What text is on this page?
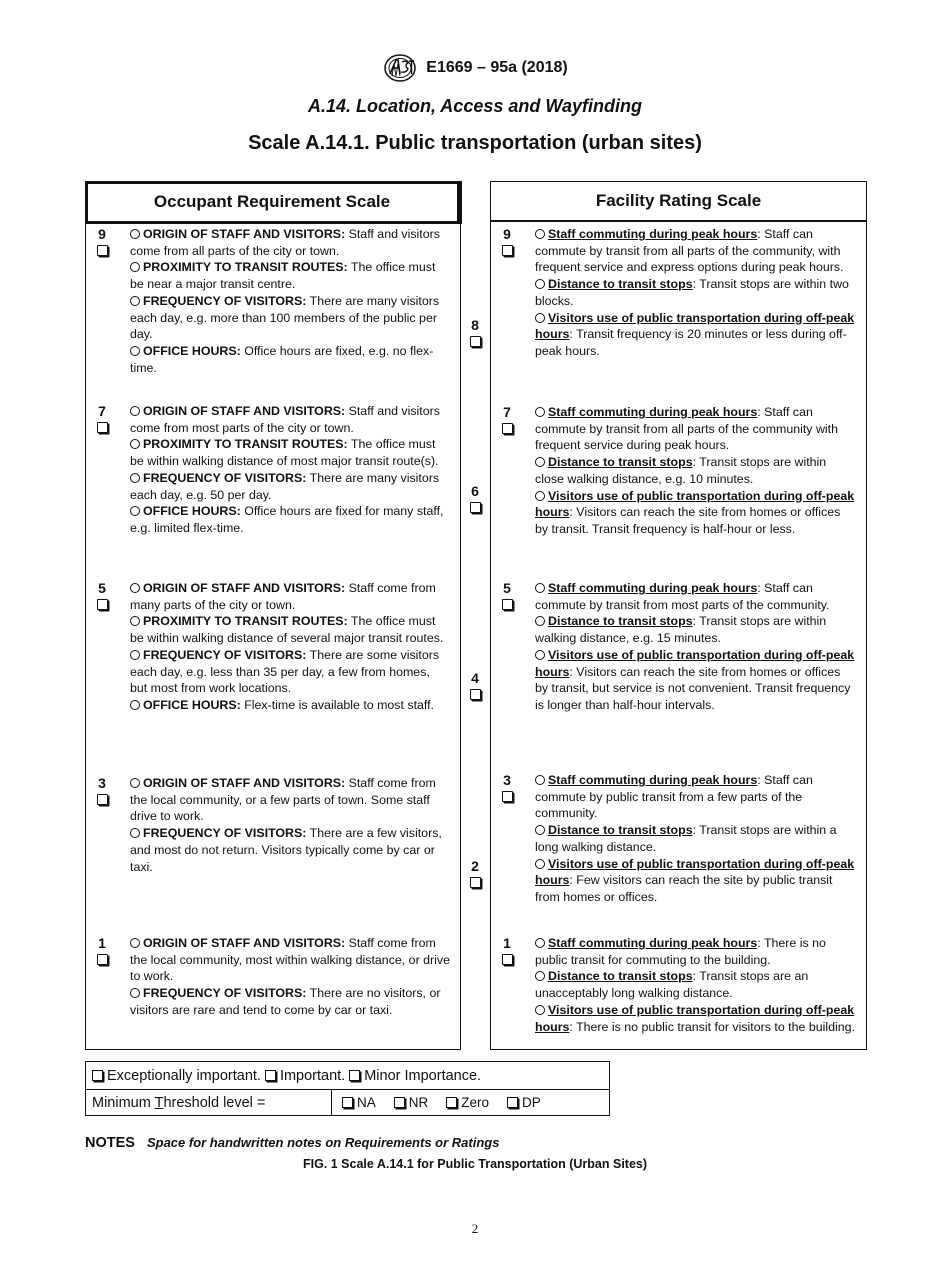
E1669 – 95a (2018)
A.14. Location, Access and Wayfinding
Scale A.14.1. Public transportation (urban sites)
Occupant Requirement Scale
9	ORIGIN OF STAFF AND VISITORS: Staff and visitors come from all parts of the city or town.
PROXIMITY TO TRANSIT ROUTES: The office must be near a major transit centre.
FREQUENCY OF VISITORS: There are many visitors each day, e.g. more than 100 members of the public per day.
OFFICE HOURS: Office hours are fixed, e.g. no flex-time.
7	ORIGIN OF STAFF AND VISITORS: Staff and visitors come from most parts of the city or town.
PROXIMITY TO TRANSIT ROUTES: The office must be within walking distance of most major transit route(s).
FREQUENCY OF VISITORS: There are many visitors each day, e.g. 50 per day.
OFFICE HOURS: Office hours are fixed for many staff, e.g. limited flex-time.
5	ORIGIN OF STAFF AND VISITORS: Staff come from many parts of the city or town.
PROXIMITY TO TRANSIT ROUTES: The office must be within walking distance of several major transit routes.
FREQUENCY OF VISITORS: There are some visitors each day, e.g. less than 35 per day, a few from homes, but most from work locations.
OFFICE HOURS: Flex-time is available to most staff.
3	ORIGIN OF STAFF AND VISITORS: Staff come from the local community, or a few parts of town. Some staff drive to work.
FREQUENCY OF VISITORS: There are a few visitors, and most do not return. Visitors typically come by car or taxi.
1	ORIGIN OF STAFF AND VISITORS: Staff come from the local community, most within walking distance, or drive to work.
FREQUENCY OF VISITORS: There are no visitors, or visitors are rare and tend to come by car or taxi.
8
6
4
2
Facility Rating Scale
9	Staff commuting during peak hours: Staff can commute by transit from all parts of the community, with frequent service and express options during peak hours.
Distance to transit stops: Transit stops are within two blocks.
Visitors use of public transportation during off-peak hours: Transit frequency is 20 minutes or less during off-peak hours.
7	Staff commuting during peak hours: Staff can commute by transit from all parts of the community with frequent service during peak hours.
Distance to transit stops: Transit stops are within close walking distance, e.g. 10 minutes.
Visitors use of public transportation during off-peak hours: Visitors can reach the site from homes or offices by transit. Transit frequency is half-hour or less.
5	Staff commuting during peak hours: Staff can commute by transit from most parts of the community.
Distance to transit stops: Transit stops are within walking distance, e.g. 15 minutes.
Visitors use of public transportation during off-peak hours: Visitors can reach the site from homes or offices by transit, but service is not convenient. Transit frequency is longer than half-hour intervals.
3	Staff commuting during peak hours: Staff can commute by public transit from a few parts of the community.
Distance to transit stops: Transit stops are within a long walking distance.
Visitors use of public transportation during off-peak hours: Few visitors can reach the site by public transit from homes or offices.
1	Staff commuting during peak hours: There is no public transit for commuting to the building.
Distance to transit stops: Transit stops are an unacceptably long walking distance.
Visitors use of public transportation during off-peak hours: There is no public transit for visitors to the building.
Exceptionally important.	Important.	Minor Importance.
Minimum Threshold level =	NA	NR	Zero	DP
NOTES Space for handwritten notes on Requirements or Ratings
FIG. 1 Scale A.14.1 for Public Transportation (Urban Sites)
2
